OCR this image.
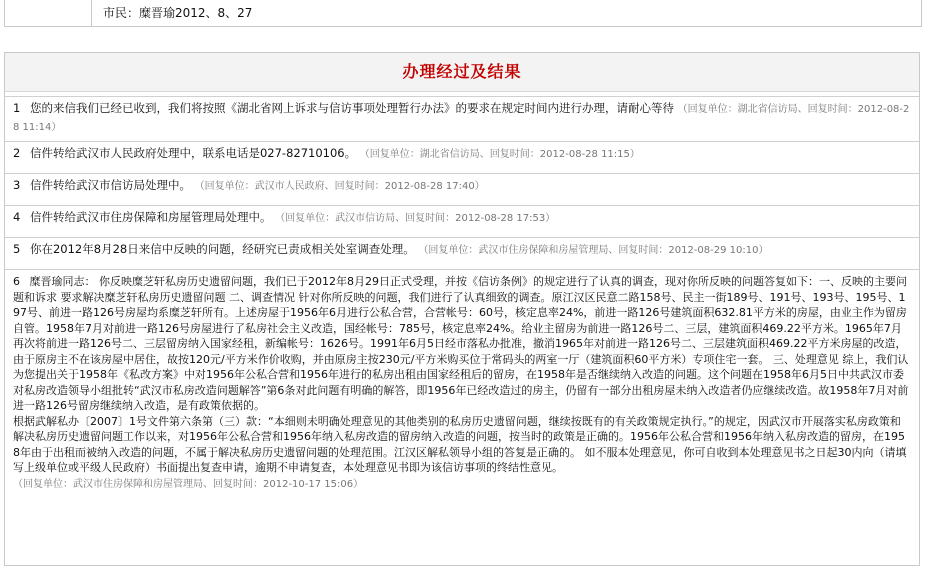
市民：糜晋瑜2012、8、27
办理经过及结果
1 您的来信我们已经已收到，我们将按照《湖北省网上诉求与信访事项处理暂行办法》的要求在规定时间内进行办理，请耐心等待 （回复单位：湖北省信访局、回复时间：2012-08-28 11:14）
2 信件转给武汉市人民政府处理中，联系电话是027-82710106。 （回复单位：湖北省信访局、回复时间：2012-08-28 11:15）
3 信件转给武汉市信访局处理中。 （回复单位：武汉市人民政府、回复时间：2012-08-28 17:40）
4 信件转给武汉市住房保障和房屋管理局处理中。 （回复单位：武汉市信访局、回复时间：2012-08-28 17:53）
5 你在2012年8月28日来信中反映的问题，经研究已责成相关处室调查处理。 （回复单位：武汉市住房保障和房屋管理局、回复时间：2012-08-29 10:10）
6 糜晋瑜同志： 你反映糜芝轩私房历史遗留问题，我们已于2012年8月29日正式受理，并按《信访条例》的规定进行了认真的调查，现对你所反映的问题答复如下：一、反映的主要问题和诉求 要求解决糜芝轩私房历史遗留问题 二、调查情况 针对你所反映的问题，我们进行了认真细致的调查。原江汉区民意二路158号、民主一街189号、191号、193号、195号、197号、前进一路126号房屋均系糜芝轩所有。上述房屋于1956年6月进行公私合营，合营帐号：60号，核定息率24%，前进一路126号建筑面积632.81平方米的房屋，由业主作为留房自管。1958年7月对前进一路126号房屋进行了私房社会主义改造，国经帐号：785号，核定息率24%。给业主留房为前进一路126号二、三层，建筑面积469.22平方米。1965年7月再次将前进一路126号二、三层留房纳入国家经租，新编帐号：1626号。1991年6月5日经市落私办批准，撤消1965年对前进一路126号二、三层建筑面积469.22平方米房屋的改造，由于原房主不在该房屋中居住，故按120元/平方米作价收购，并由原房主按230元/平方米购买位于常码头的两室一厅（建筑面积60平方米）专项住宅一套。 三、处理意见 综上，我们认为您提出关于1958年《私改方案》中对1956年公私合营和1956年进行的私房出租由国家经租后的留房，在1958年是否继续纳入改造的问题。这个问题在1958年6月5日中共武汉市委对私房改造领导小组批转“武汉市私房改造问题解答”第6条对此问题有明确的解答，即1956年已经改造过的房主，仍留有一部分出租房屋未纳入改造者仍应继续改造。故1958年7月对前进一路126号留房继续纳入改造，是有政策依据的。
根据武解私办〔2007〕1号文件第六条第（三）款：“本细则未明确处理意见的其他类别的私房历史遗留问题，继续按既有的有关政策规定执行。”的规定，因武汉市开展落实私房政策和解决私房历史遗留问题工作以来，对1956年公私合营和1956年纳入私房改造的留房纳入改造的问题，按当时的政策是正确的。1956年公私合营和1956年纳入私房改造的留房，在1958年由于出租而被纳入改造的问题，不属于解决私房历史遗留问题的处理范围。江汉区解私领导小组的答复是正确的。 如不服本处理意见，你可自收到本处理意见书之日起30内向（请填写上级单位或平级人民政府）书面提出复查申请，逾期不申请复查，本处理意见书即为该信访事项的终结性意见。
（回复单位：武汉市住房保障和房屋管理局、回复时间：2012-10-17 15:06）
